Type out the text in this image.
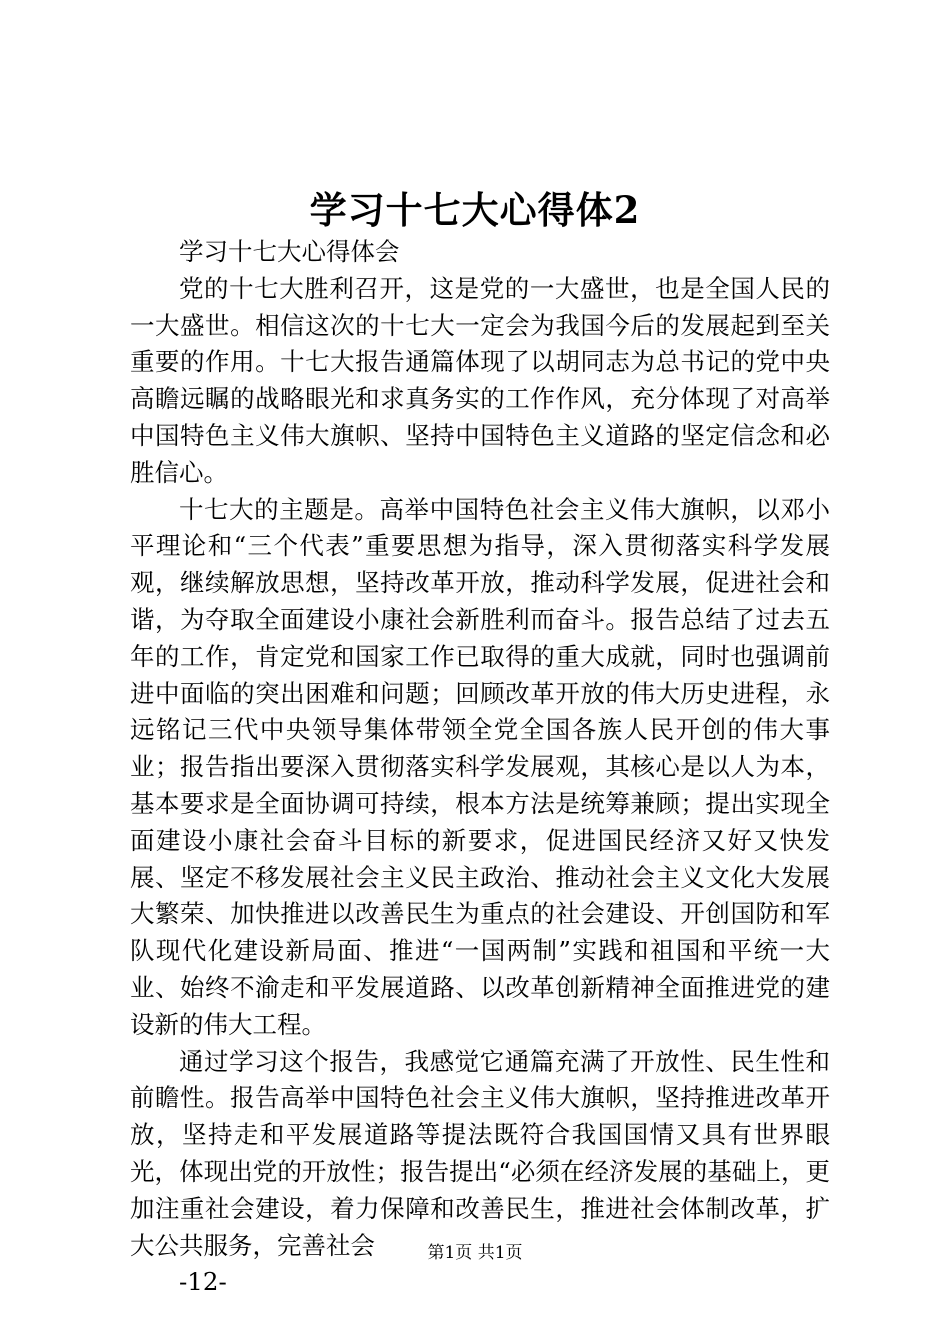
学习十七大心得体2

学习十七大心得体会

党的十七大胜利召开，这是党的一大盛世，也是全国人民的一大盛世。相信这次的十七大一定会为我国今后的发展起到至关重要的作用。十七大报告通篇体现了以胡同志为总书记的党中央高瞻远瞩的战略眼光和求真务实的工作作风，充分体现了对高举中国特色主义伟大旗帜、坚持中国特色主义道路的坚定信念和必胜信心。

十七大的主题是。高举中国特色社会主义伟大旗帜，以邓小平理论和“三个代表”重要思想为指导，深入贯彻落实科学发展观，继续解放思想，坚持改革开放，推动科学发展，促进社会和谐，为夺取全面建设小康社会新胜利而奋斗。报告总结了过去五年的工作，肯定党和国家工作已取得的重大成就，同时也强调前进中面临的突出困难和问题；回顾改革开放的伟大历史进程，永远铭记三代中央领导集体带领全党全国各族人民开创的伟大事业；报告指出要深入贯彻落实科学发展观，其核心是以人为本，基本要求是全面协调可持续，根本方法是统筹兼顾；提出实现全面建设小康社会奋斗目标的新要求，促进国民经济又好又快发展、坚定不移发展社会主义民主政治、推动社会主义文化大发展大繁荣、加快推进以改善民生为重点的社会建设、开创国防和军队现代化建设新局面、推进“一国两制”实践和祖国和平统一大业、始终不渝走和平发展道路、以改革创新精神全面推进党的建设新的伟大工程。

通过学习这个报告，我感觉它通篇充满了开放性、民生性和前瞻性。报告高举中国特色社会主义伟大旗帜，坚持推进改革开放，坚持走和平发展道路等提法既符合我国国情又具有世界眼光，体现出党的开放性；报告提出“必须在经济发展的基础上，更加注重社会建设，着力保障和改善民生，推进社会体制改革，扩大公共服务，完善社会

-12-

第1页 共1页
